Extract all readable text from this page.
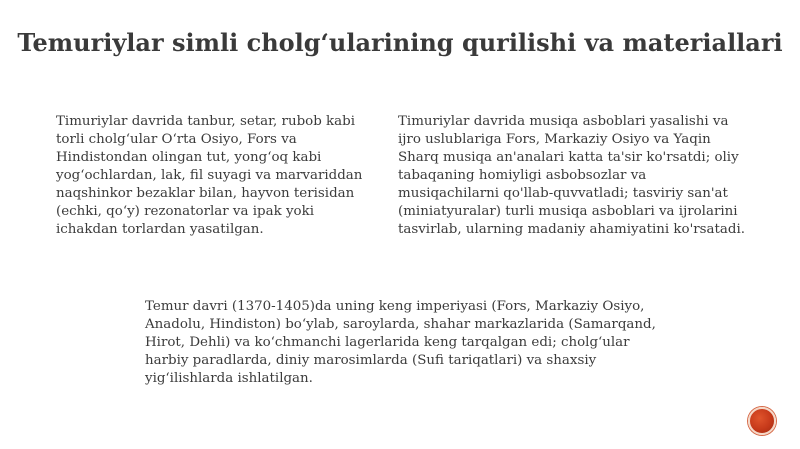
Temuriylar simli cholg‘ularining qurilishi va materiallari

Timuriylar davrida tanbur, setar, rubob kabi torli cholg‘ular O‘rta Osiyo, Fors va Hindistondan olingan tut, yong‘oq kabi yog‘ochlardan, lak, fil suyagi va marvariddan naqshinkor bezaklar bilan, hayvon terisidan (echki, qo‘y) rezonatorlar va ipak yoki ichakdan torlardan yasatilgan.

Timuriylar davrida musiqa asboblari yasalishi va ijro uslublariga Fors, Markaziy Osiyo va Yaqin Sharq musiqa an'analari katta ta'sir ko'rsatdi; oliy tabaqaning homiyligi asbobsozlar va musiqachilarni qo'llab-quvvatladi; tasviriy san'at (miniatyuralar) turli musiqa asboblari va ijrolarini tasvirlab, ularning madaniy ahamiyatini ko'rsatadi.

Temur davri (1370-1405)da uning keng imperiyasi (Fors, Markaziy Osiyo, Anadolu, Hindiston) bo‘ylab, saroylarda, shahar markazlarida (Samarqand, Hirot, Dehli) va ko‘chmanchi lagerlarida keng tarqalgan edi; cholg‘ular harbiy paradlarda, diniy marosimlarda (Sufi tariqatlari) va shaxsiy yig‘ilishlarda ishlatilgan.
